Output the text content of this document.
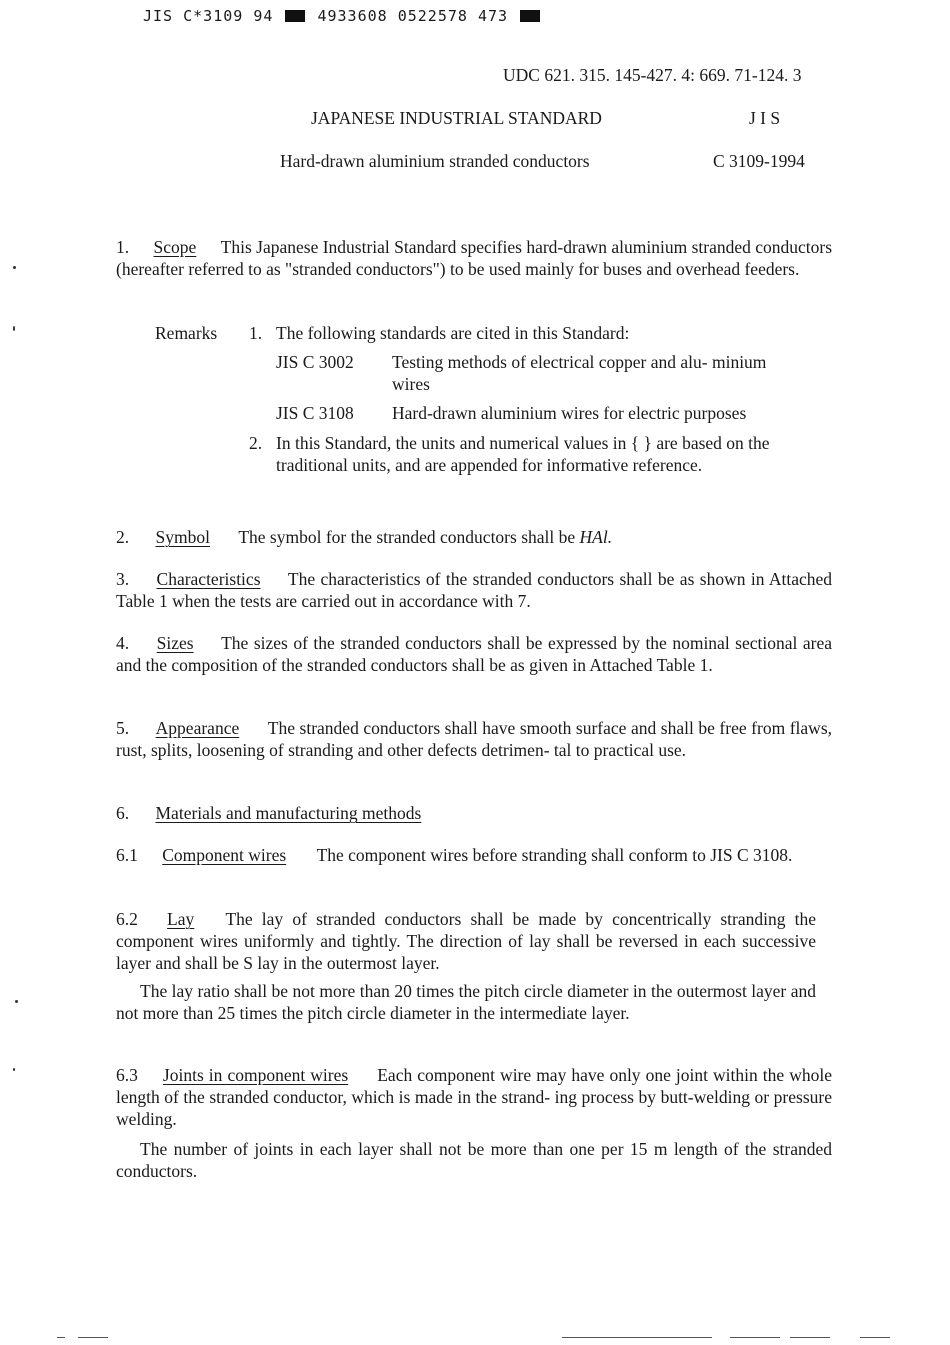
JIS C*3109 94	4933608 0522578 473
UDC 621. 315. 145-427. 4: 669. 71-124. 3
JAPANESE INDUSTRIAL STANDARD	J I S
Hard-drawn aluminium stranded conductors	C 3109-1994

1. Scope This Japanese Industrial Standard specifies hard-drawn aluminium stranded conductors (hereafter referred to as "stranded conductors") to be used mainly for buses and overhead feeders.

Remarks 1. The following standards are cited in this Standard:
JIS C 3002 Testing methods of electrical copper and alu- minium wires
JIS C 3108 Hard-drawn aluminium wires for electric purposes
2. In this Standard, the units and numerical values in { } are based on the traditional units, and are appended for informative reference.

2. Symbol The symbol for the stranded conductors shall be HAl.

3. Characteristics The characteristics of the stranded conductors shall be as shown in Attached Table 1 when the tests are carried out in accordance with 7.

4. Sizes The sizes of the stranded conductors shall be expressed by the nominal sectional area and the composition of the stranded conductors shall be as given in Attached Table 1.

5. Appearance The stranded conductors shall have smooth surface and shall be free from flaws, rust, splits, loosening of stranding and other defects detrimen- tal to practical use.

6. Materials and manufacturing methods

6.1 Component wires The component wires before stranding shall conform to JIS C 3108.

6.2 Lay The lay of stranded conductors shall be made by concentrically stranding the component wires uniformly and tightly. The direction of lay shall be reversed in each successive layer and shall be S lay in the outermost layer.

The lay ratio shall be not more than 20 times the pitch circle diameter in the outermost layer and not more than 25 times the pitch circle diameter in the intermediate layer.

6.3 Joints in component wires Each component wire may have only one joint within the whole length of the stranded conductor, which is made in the strand- ing process by butt-welding or pressure welding.

The number of joints in each layer shall not be more than one per 15 m length of the stranded conductors.
